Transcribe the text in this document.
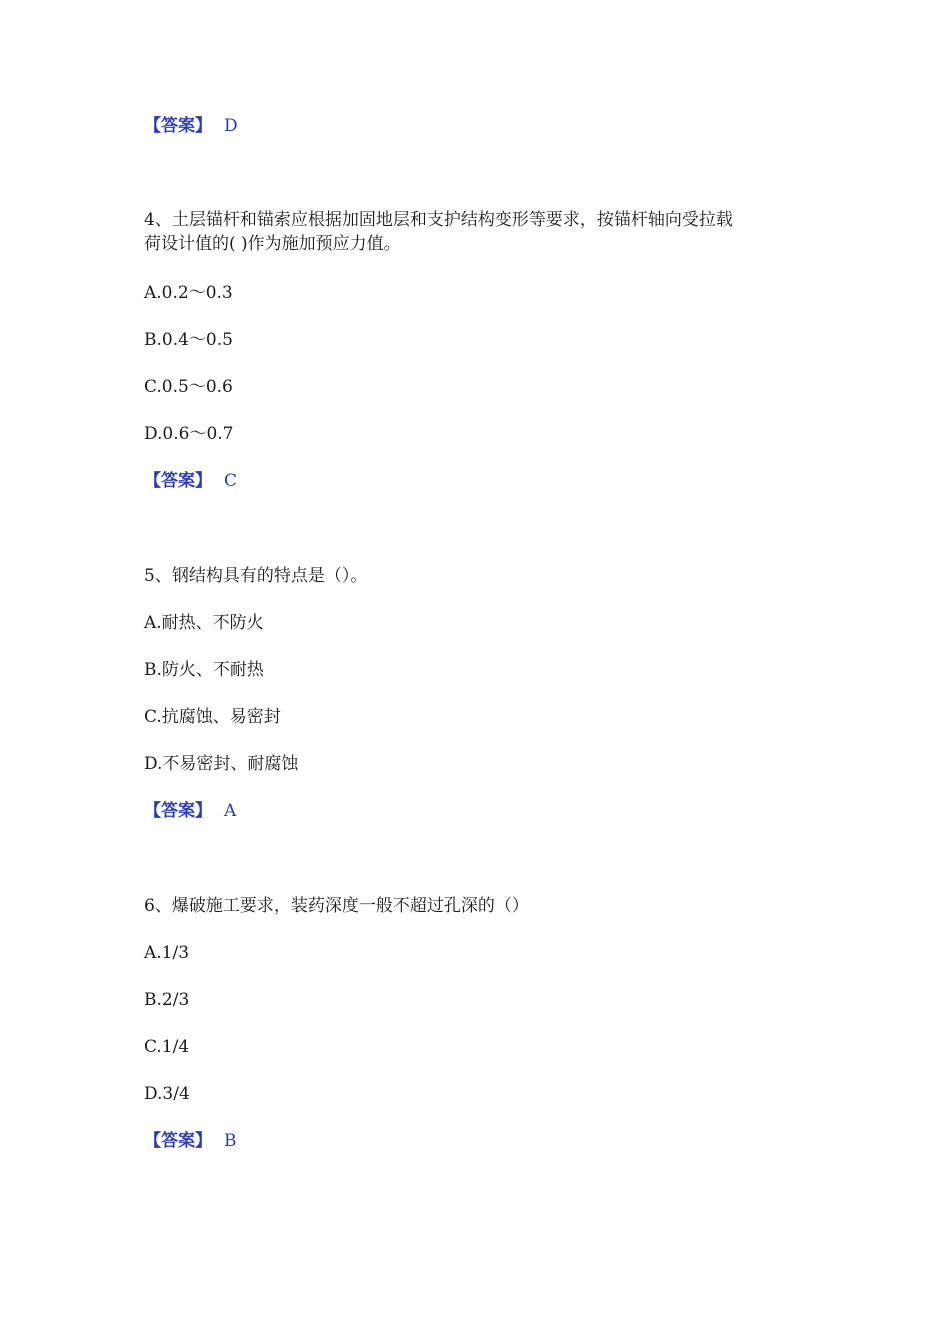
【答案】 D
4、土层锚杆和锚索应根据加固地层和支护结构变形等要求，按锚杆轴向受拉载
荷设计值的( )作为施加预应力值。
A.0.2～0.3
B.0.4～0.5
C.0.5～0.6
D.0.6～0.7
【答案】 C
5、钢结构具有的特点是（）。
A.耐热、不防火
B.防火、不耐热
C.抗腐蚀、易密封
D.不易密封、耐腐蚀
【答案】 A
6、爆破施工要求，装药深度一般不超过孔深的（）
A.1/3
B.2/3
C.1/4
D.3/4
【答案】 B
